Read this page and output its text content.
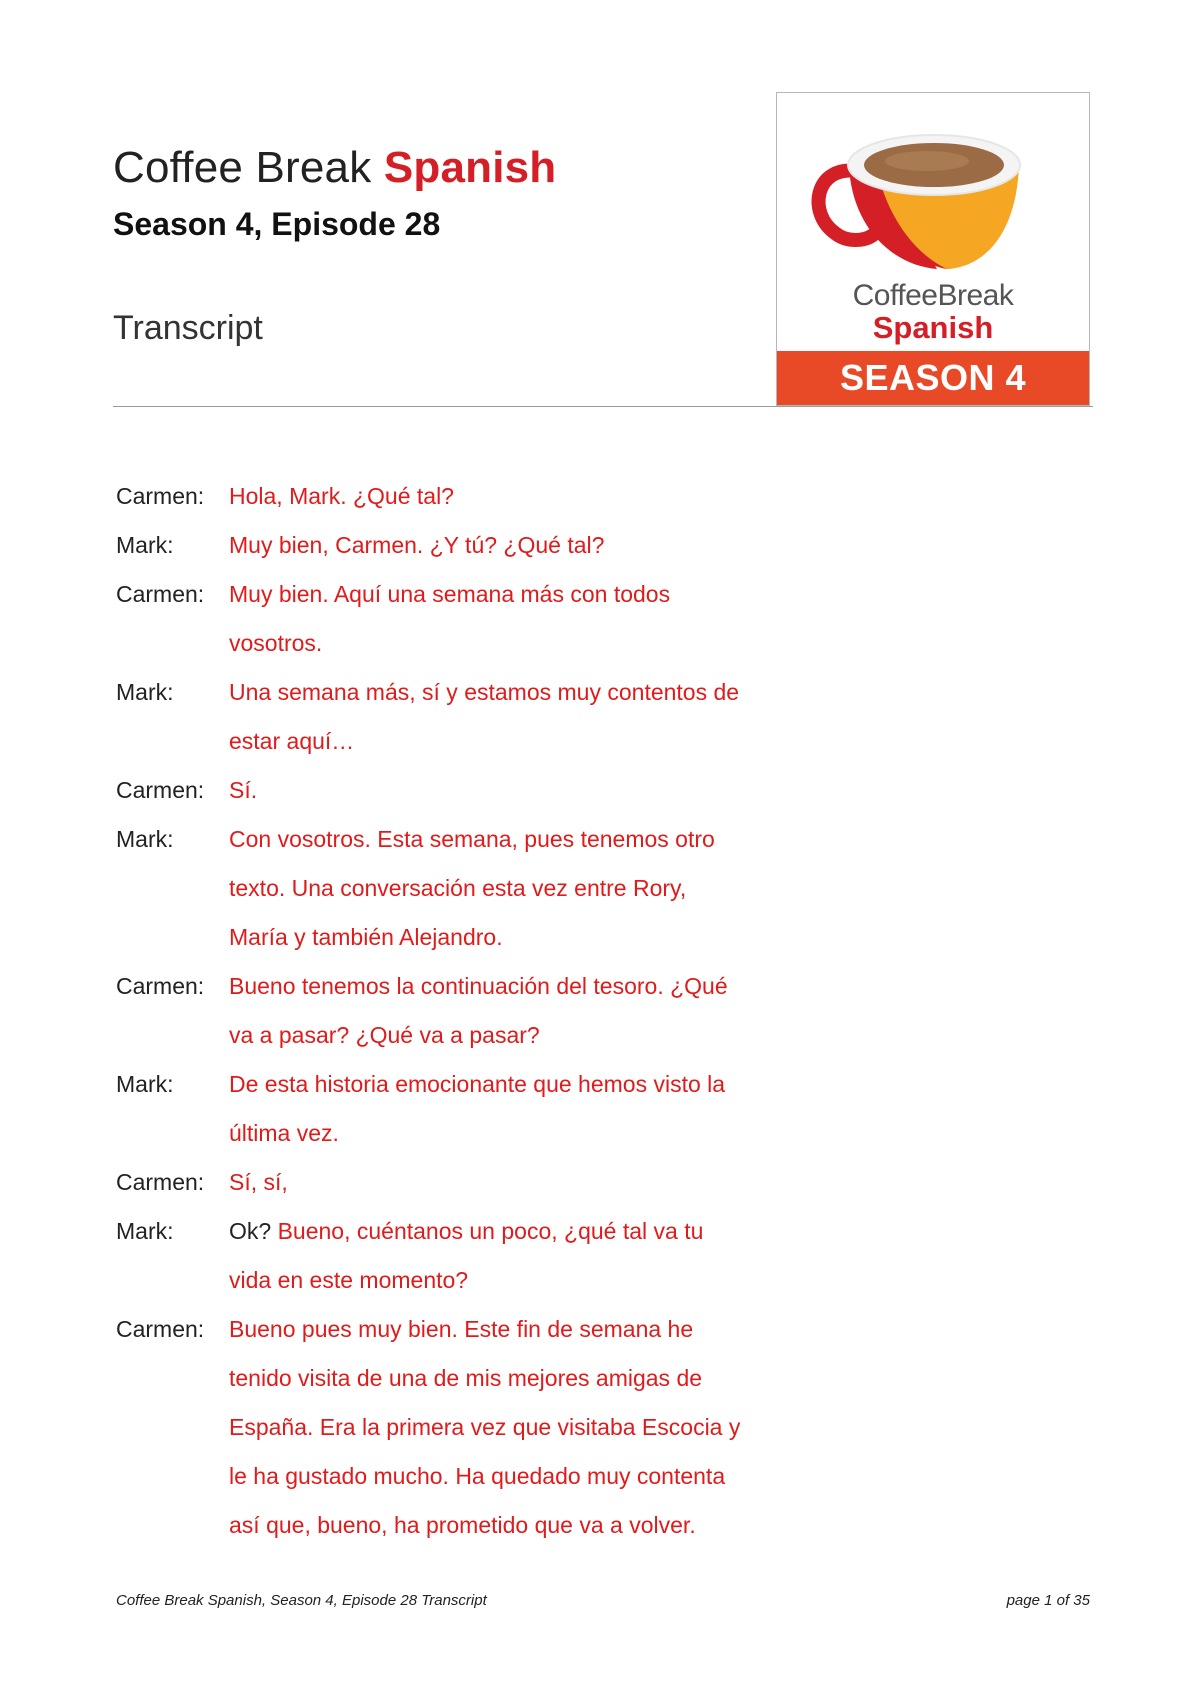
Coffee Break Spanish
Season 4, Episode 28
Transcript
CoffeeBreak
Spanish
SEASON 4
Carmen:	Hola, Mark. ¿Qué tal?
Mark:	Muy bien, Carmen. ¿Y tú? ¿Qué tal?
Carmen:	Muy bien. Aquí una semana más con todos
vosotros.
Mark:	Una semana más, sí y estamos muy contentos de
estar aquí…
Carmen:	Sí.
Mark:	Con vosotros. Esta semana, pues tenemos otro
texto. Una conversación esta vez entre Rory,
María y también Alejandro.
Carmen:	Bueno tenemos la continuación del tesoro. ¿Qué
va a pasar? ¿Qué va a pasar?
Mark:	De esta historia emocionante que hemos visto la
última vez.
Carmen:	Sí, sí,
Mark:	Ok? Bueno, cuéntanos un poco, ¿qué tal va tu
vida en este momento?
Carmen:	Bueno pues muy bien. Este fin de semana he
tenido visita de una de mis mejores amigas de
España. Era la primera vez que visitaba Escocia y
le ha gustado mucho. Ha quedado muy contenta
así que, bueno, ha prometido que va a volver.
Coffee Break Spanish, Season 4, Episode 28 Transcript	page 1 of 35
